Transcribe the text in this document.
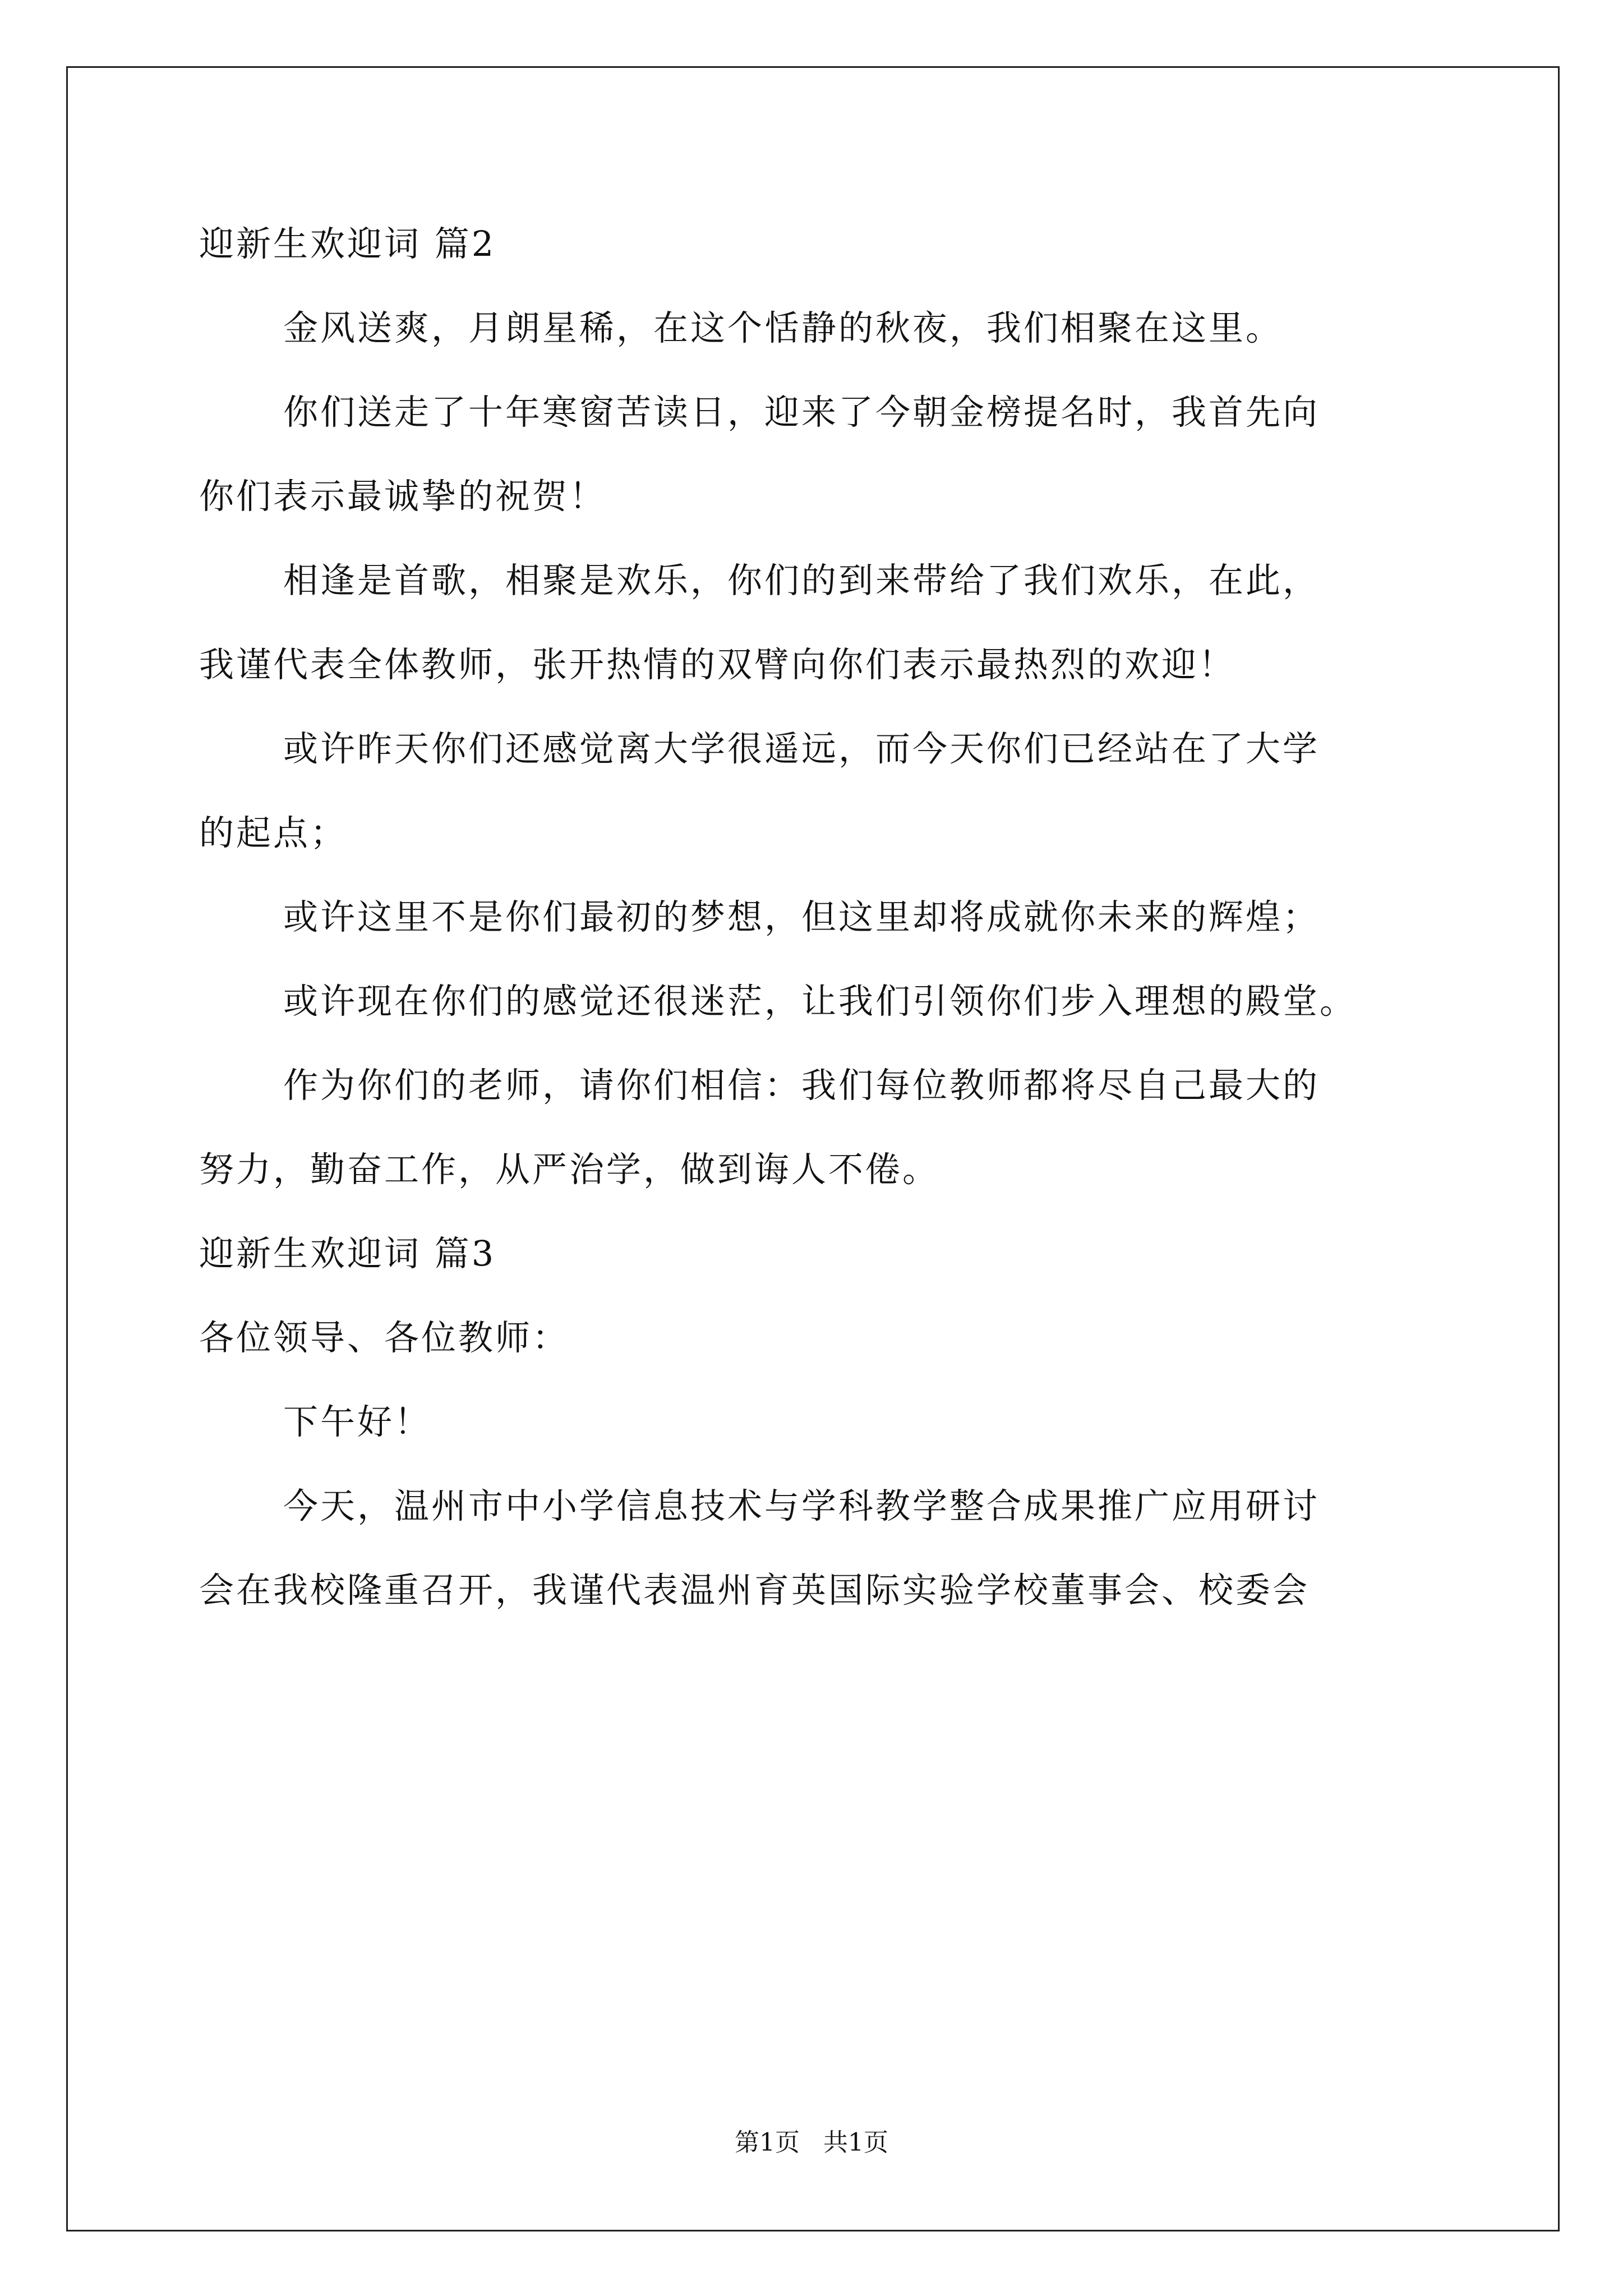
迎新生欢迎词 篇2
金风送爽，月朗星稀，在这个恬静的秋夜，我们相聚在这里。
你们送走了十年寒窗苦读日，迎来了今朝金榜提名时，我首先向
你们表示最诚挚的祝贺！
相逢是首歌，相聚是欢乐，你们的到来带给了我们欢乐，在此，
我谨代表全体教师，张开热情的双臂向你们表示最热烈的欢迎！
或许昨天你们还感觉离大学很遥远，而今天你们已经站在了大学
的起点；
或许这里不是你们最初的梦想，但这里却将成就你未来的辉煌；
或许现在你们的感觉还很迷茫，让我们引领你们步入理想的殿堂。
作为你们的老师，请你们相信：我们每位教师都将尽自己最大的
努力，勤奋工作，从严治学，做到诲人不倦。
迎新生欢迎词 篇3
各位领导、各位教师：
下午好！
今天，温州市中小学信息技术与学科教学整合成果推广应用研讨
会在我校隆重召开，我谨代表温州育英国际实验学校董事会、校委会
第1页   共1页
